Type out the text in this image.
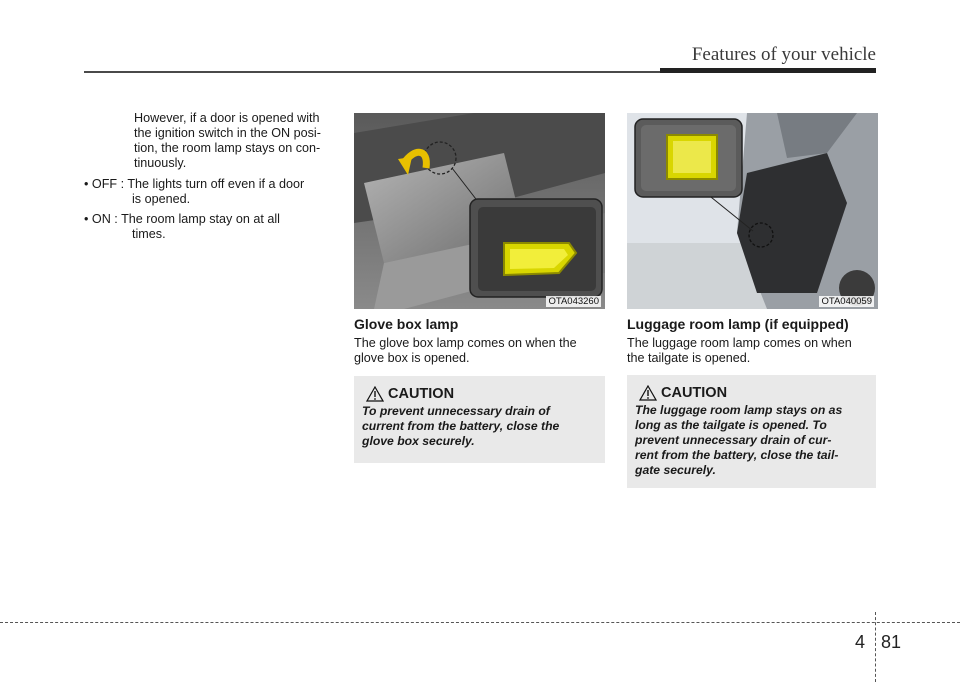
Features of your vehicle
However, if a door is opened with
the ignition switch in the ON posi-
tion, the room lamp stays on con-
tinuously.
• OFF : The lights turn off even if a door
is opened.
• ON : The room lamp stay on at all
times.
OTA043260	OTA040059
Glove box lamp
The glove box lamp comes on when the
glove box is opened.
CAUTION
To prevent unnecessary drain of
current from the battery, close the
glove box securely.
Luggage room lamp (if equipped)
The luggage room lamp comes on when
the tailgate is opened.
CAUTION
The luggage room lamp stays on as
long as the tailgate is opened. To
prevent unnecessary drain of cur-
rent from the battery, close the tail-
gate securely.
4 81
